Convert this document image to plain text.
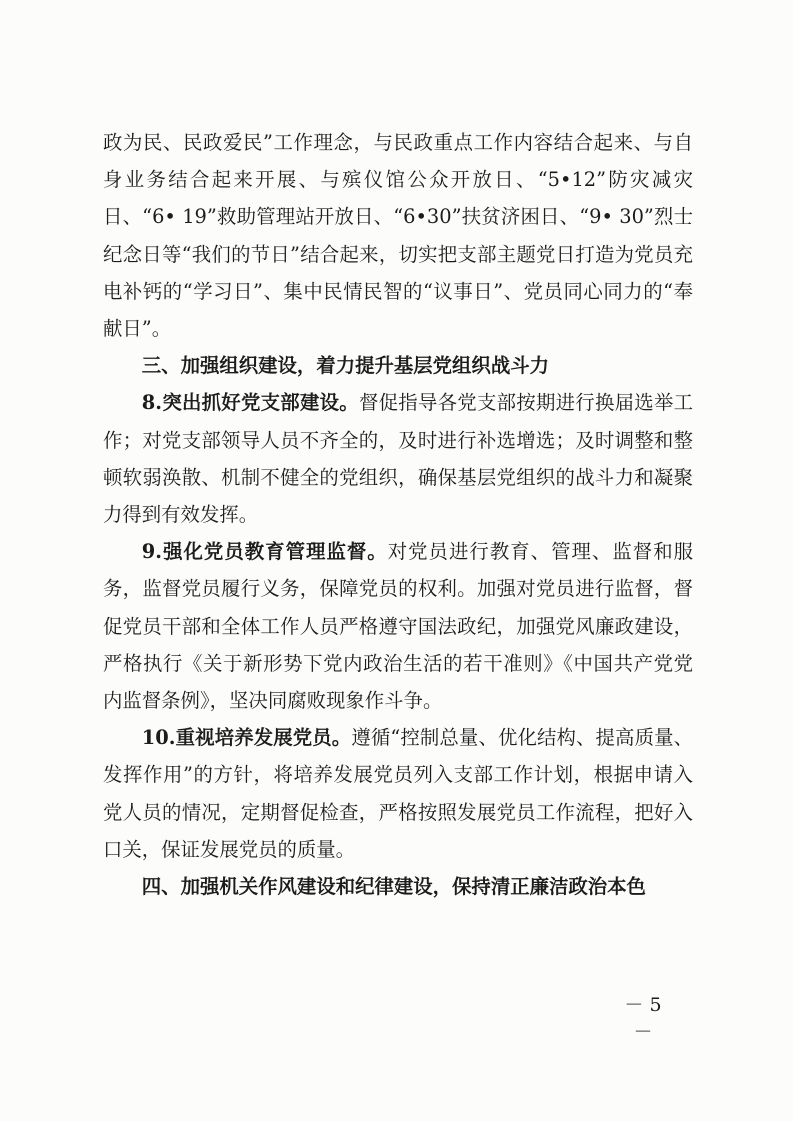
政为民、民政爱民”工作理念，与民政重点工作内容结合起来、与自身业务结合起来开展、与殡仪馆公众开放日、“5•12”防灾减灾日、“6• 19”救助管理站开放日、“6•30”扶贫济困日、“9• 30”烈士纪念日等“我们的节日”结合起来，切实把支部主题党日打造为党员充电补钙的“学习日”、集中民情民智的“议事日”、党员同心同力的“奉献日”。

三、加强组织建设，着力提升基层党组织战斗力

8.突出抓好党支部建设。督促指导各党支部按期进行换届选举工作；对党支部领导人员不齐全的，及时进行补选增选；及时调整和整顿软弱涣散、机制不健全的党组织，确保基层党组织的战斗力和凝聚力得到有效发挥。

9.强化党员教育管理监督。对党员进行教育、管理、监督和服务，监督党员履行义务，保障党员的权利。加强对党员进行监督，督促党员干部和全体工作人员严格遵守国法政纪，加强党风廉政建设，严格执行《关于新形势下党内政治生活的若干准则》《中国共产党党内监督条例》，坚决同腐败现象作斗争。

10.重视培养发展党员。遵循“控制总量、优化结构、提高质量、发挥作用”的方针，将培养发展党员列入支部工作计划，根据申请入党人员的情况，定期督促检查，严格按照发展党员工作流程，把好入口关，保证发展党员的质量。

四、加强机关作风建设和纪律建设，保持清正廉洁政治本色

－ 5 －
